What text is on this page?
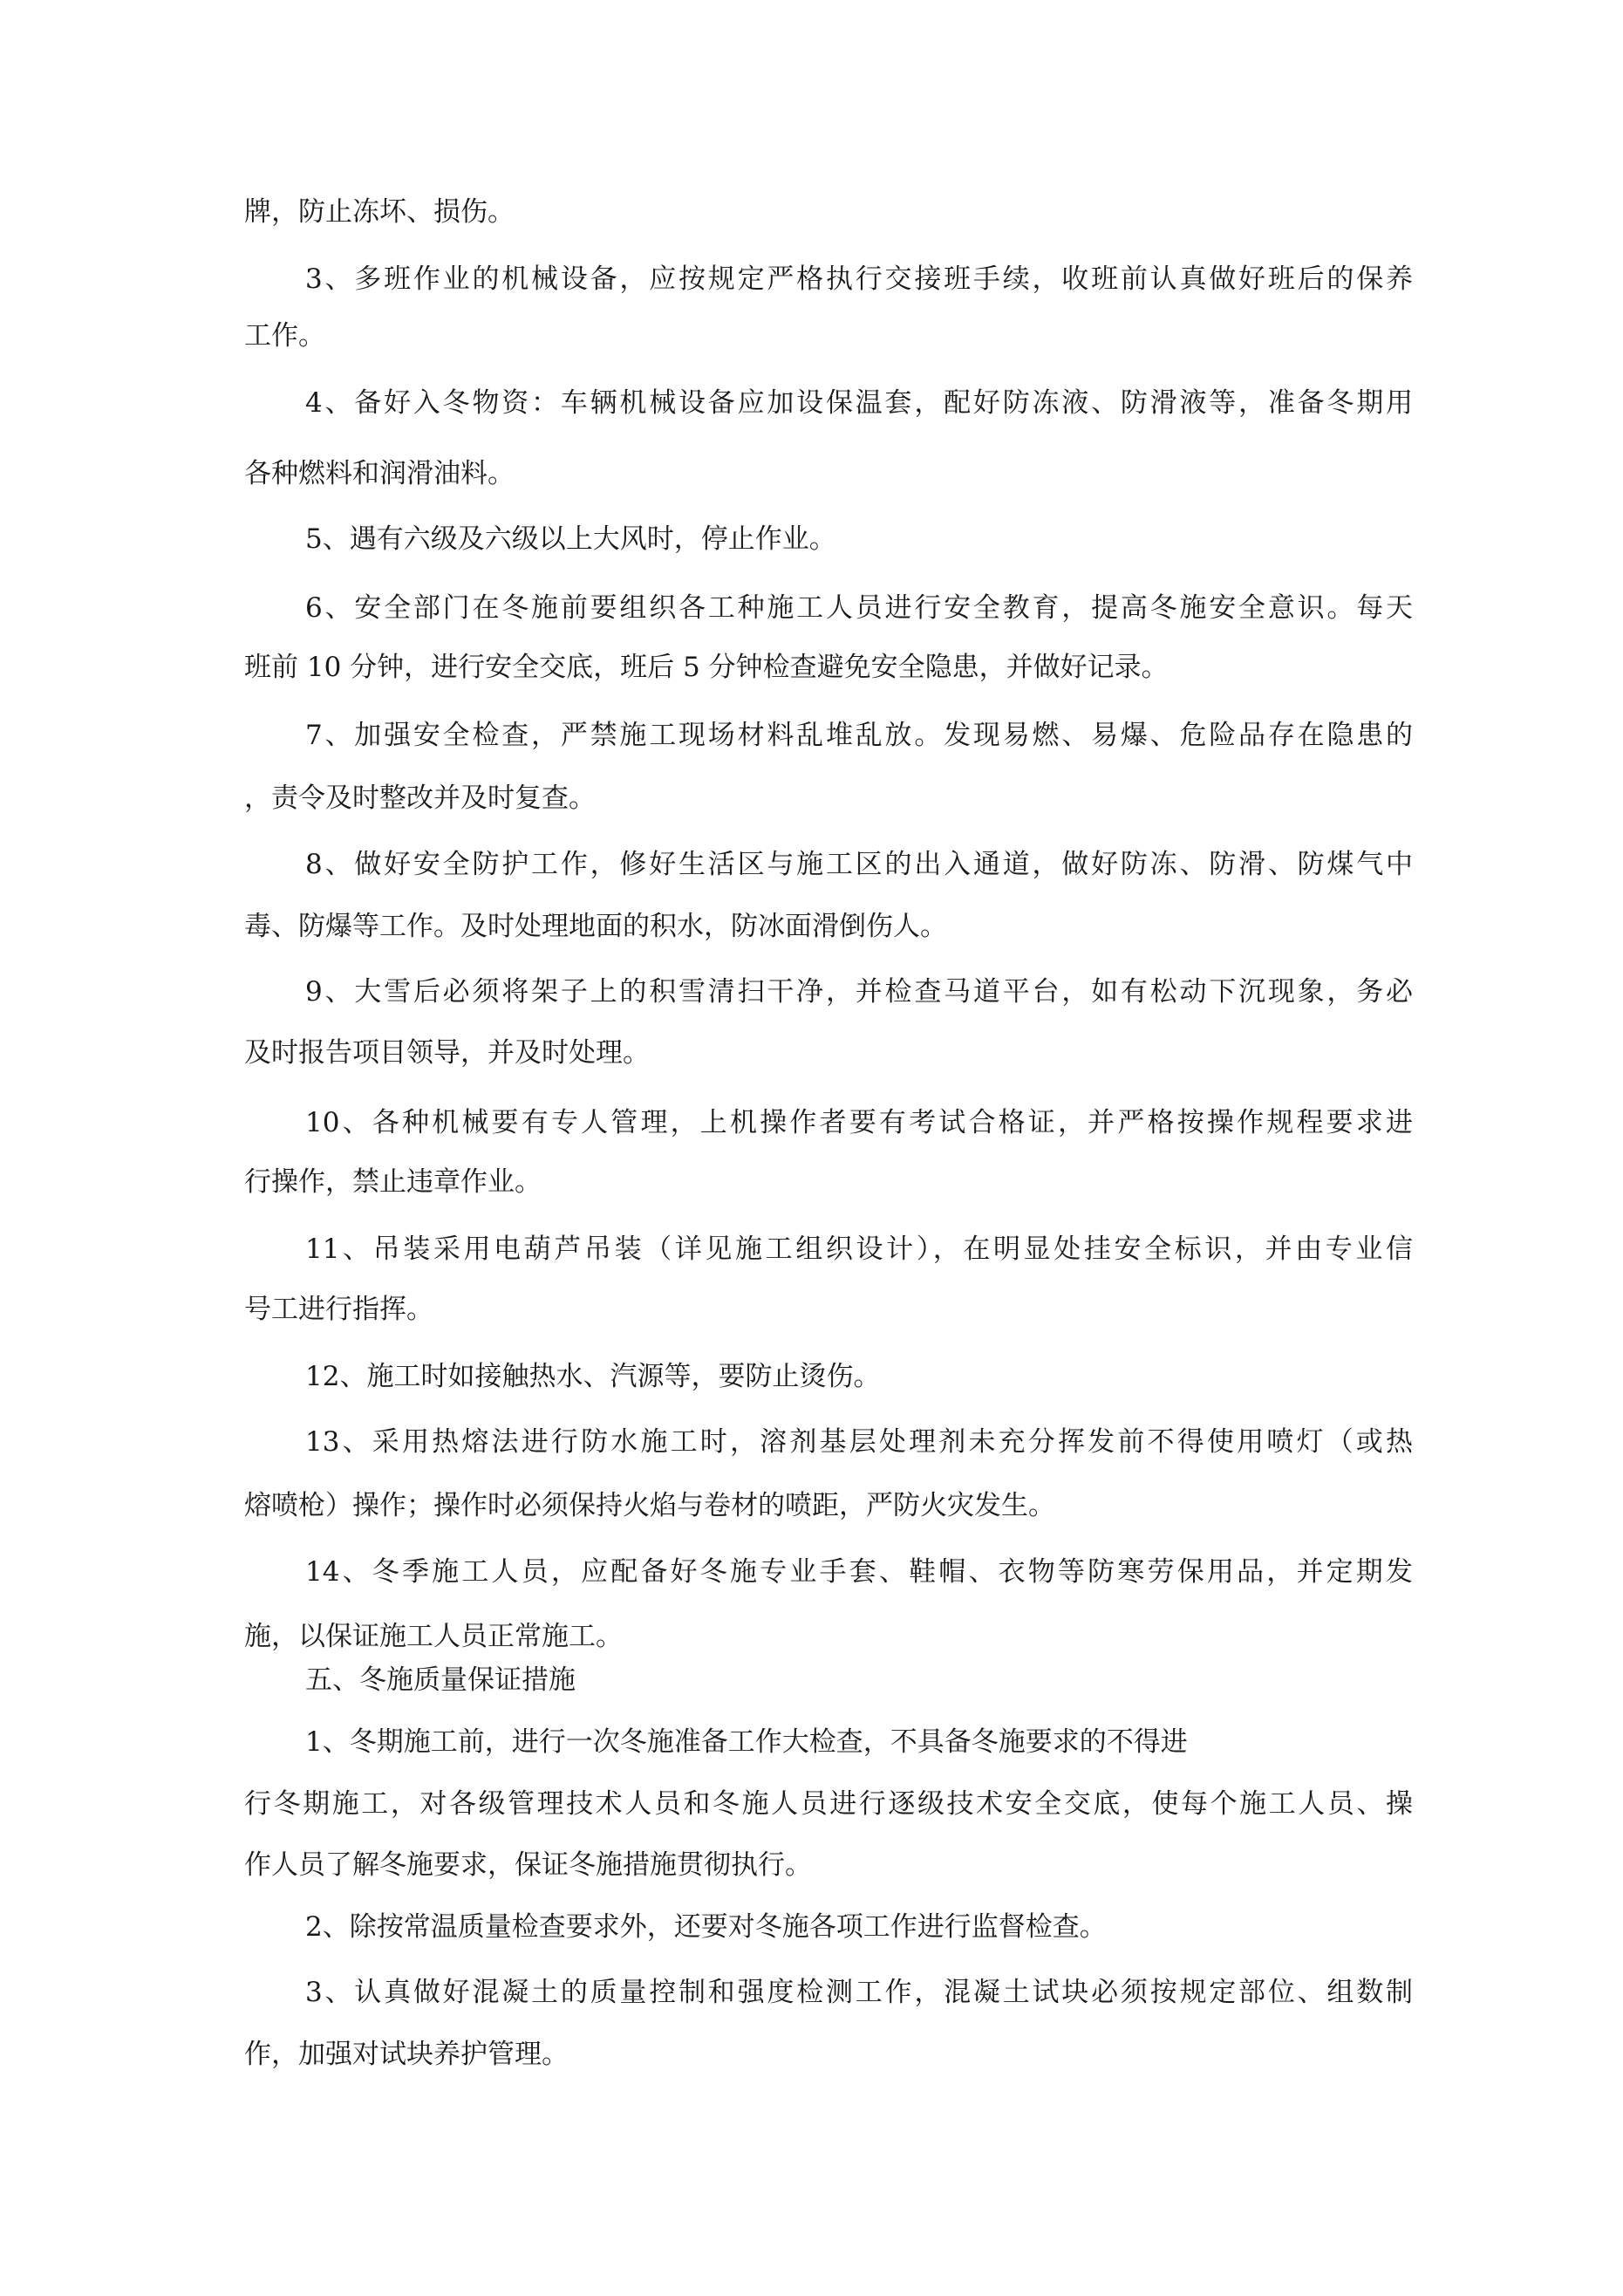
牌，防止冻坏、损伤。
3、多班作业的机械设备，应按规定严格执行交接班手续，收班前认真做好班后的保养
工作。
4、备好入冬物资：车辆机械设备应加设保温套，配好防冻液、防滑液等，准备冬期用
各种燃料和润滑油料。
5、遇有六级及六级以上大风时，停止作业。
6、安全部门在冬施前要组织各工种施工人员进行安全教育，提高冬施安全意识。每天
班前 10 分钟，进行安全交底，班后 5 分钟检查避免安全隐患，并做好记录。
7、加强安全检查，严禁施工现场材料乱堆乱放。发现易燃、易爆、危险品存在隐患的
，责令及时整改并及时复查。
8、做好安全防护工作，修好生活区与施工区的出入通道，做好防冻、防滑、防煤气中
毒、防爆等工作。及时处理地面的积水，防冰面滑倒伤人。
9、大雪后必须将架子上的积雪清扫干净，并检查马道平台，如有松动下沉现象，务必
及时报告项目领导，并及时处理。
10、各种机械要有专人管理，上机操作者要有考试合格证，并严格按操作规程要求进
行操作，禁止违章作业。
11、吊装采用电葫芦吊装（详见施工组织设计），在明显处挂安全标识，并由专业信
号工进行指挥。
12、施工时如接触热水、汽源等，要防止烫伤。
13、采用热熔法进行防水施工时，溶剂基层处理剂未充分挥发前不得使用喷灯（或热
熔喷枪）操作；操作时必须保持火焰与卷材的喷距，严防火灾发生。
14、冬季施工人员，应配备好冬施专业手套、鞋帽、衣物等防寒劳保用品，并定期发
施，以保证施工人员正常施工。
五、冬施质量保证措施
1、冬期施工前，进行一次冬施准备工作大检查，不具备冬施要求的不得进
行冬期施工，对各级管理技术人员和冬施人员进行逐级技术安全交底，使每个施工人员、操
作人员了解冬施要求，保证冬施措施贯彻执行。
2、除按常温质量检查要求外，还要对冬施各项工作进行监督检查。
3、认真做好混凝土的质量控制和强度检测工作，混凝土试块必须按规定部位、组数制
作，加强对试块养护管理。
